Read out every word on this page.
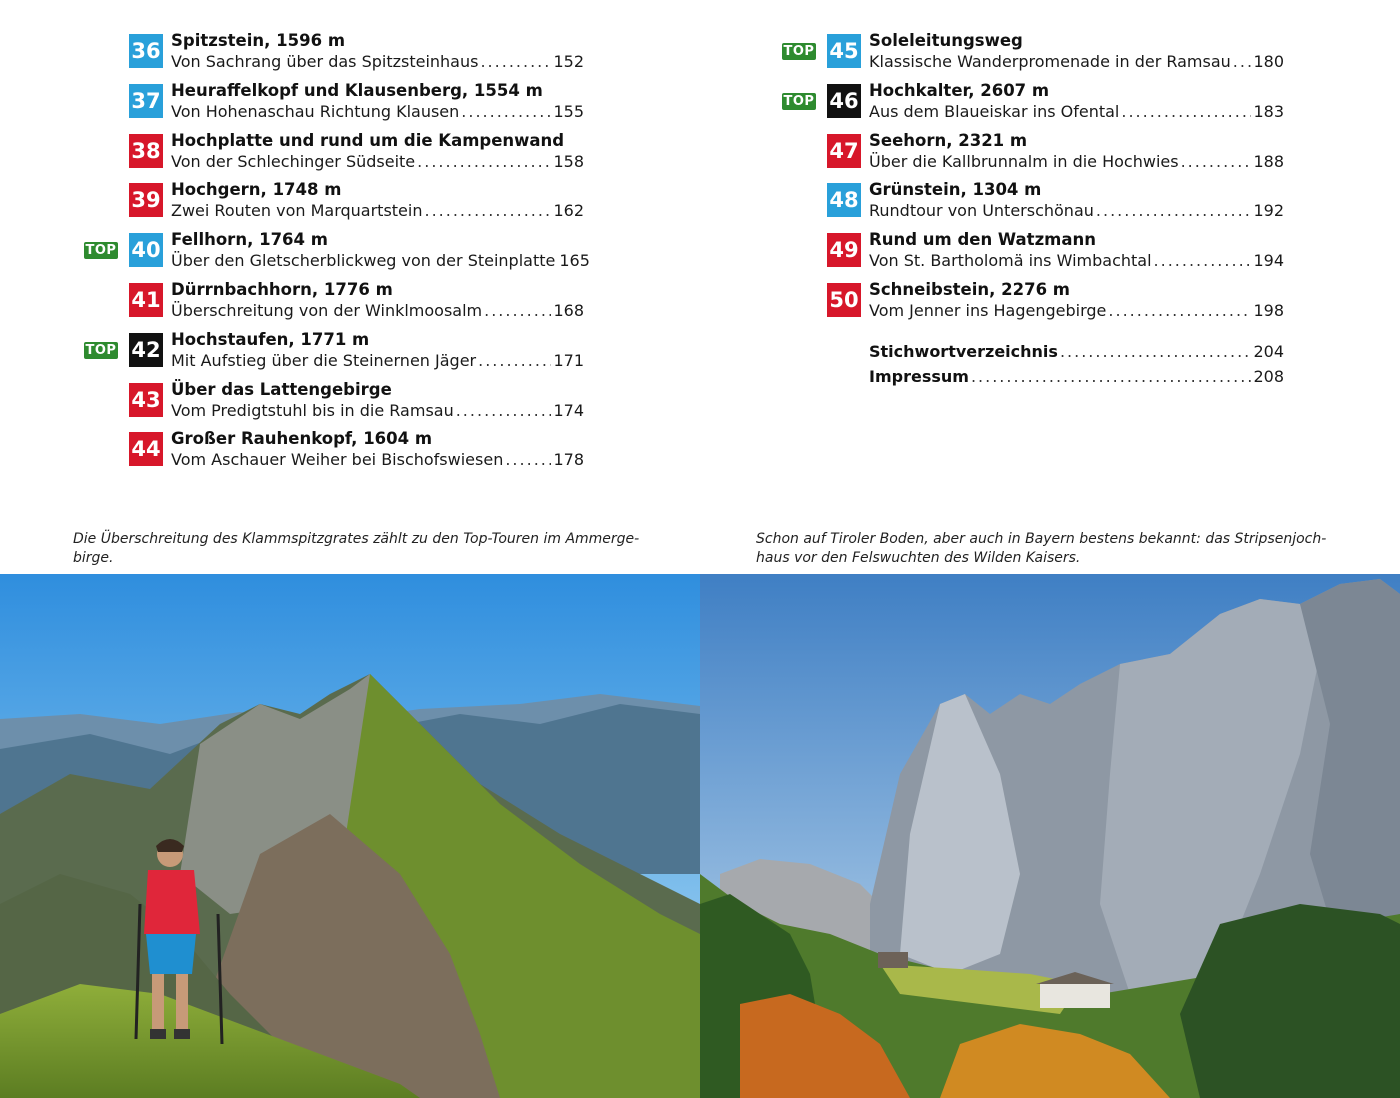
36 Spitzstein, 1596 m
Von Sachrang über das Spitzsteinhaus .....	152
37 Heuraffelkopf und Klausenberg, 1554 m
Von Hohenaschau Richtung Klausen .....	155
38 Hochplatte und rund um die Kampenwand
Von der Schlechinger Südseite .....	158
39 Hochgern, 1748 m
Zwei Routen von Marquartstein .....	162
TOP 40 Fellhorn, 1764 m
Über den Gletscherblickweg von der Steinplatte 165
41 Dürrnbachhorn, 1776 m
Überschreitung von der Winklmoosalm .....	168
TOP 42 Hochstaufen, 1771 m
Mit Aufstieg über die Steinernen Jäger .....	171
43 Über das Lattengebirge
Vom Predigtstuhl bis in die Ramsau .....	174
44 Großer Rauhenkopf, 1604 m
Vom Aschauer Weiher bei Bischofswiesen .....	178
TOP 45 Soleleitungsweg
Klassische Wanderpromenade in der Ramsau ..... 180
TOP 46 Hochkalter, 2607 m
Aus dem Blaueiskar ins Ofental .....	183
47 Seehorn, 2321 m
Über die Kallbrunnalm in die Hochwies .....	188
48 Grünstein, 1304 m
Rundtour von Unterschönau .....	192
49 Rund um den Watzmann
Von St. Bartholomä ins Wimbachtal .....	194
50 Schneibstein, 2276 m
Vom Jenner ins Hagengebirge .....	198
Stichwortverzeichnis .....	204
Impressum .....	208

Die Überschreitung des Klammspitzgrates zählt zu den Top-Touren im Ammerge-
birge.

Schon auf Tiroler Boden, aber auch in Bayern bestens bekannt: das Stripsenjoch-
haus vor den Felswuchten des Wilden Kaisers.
